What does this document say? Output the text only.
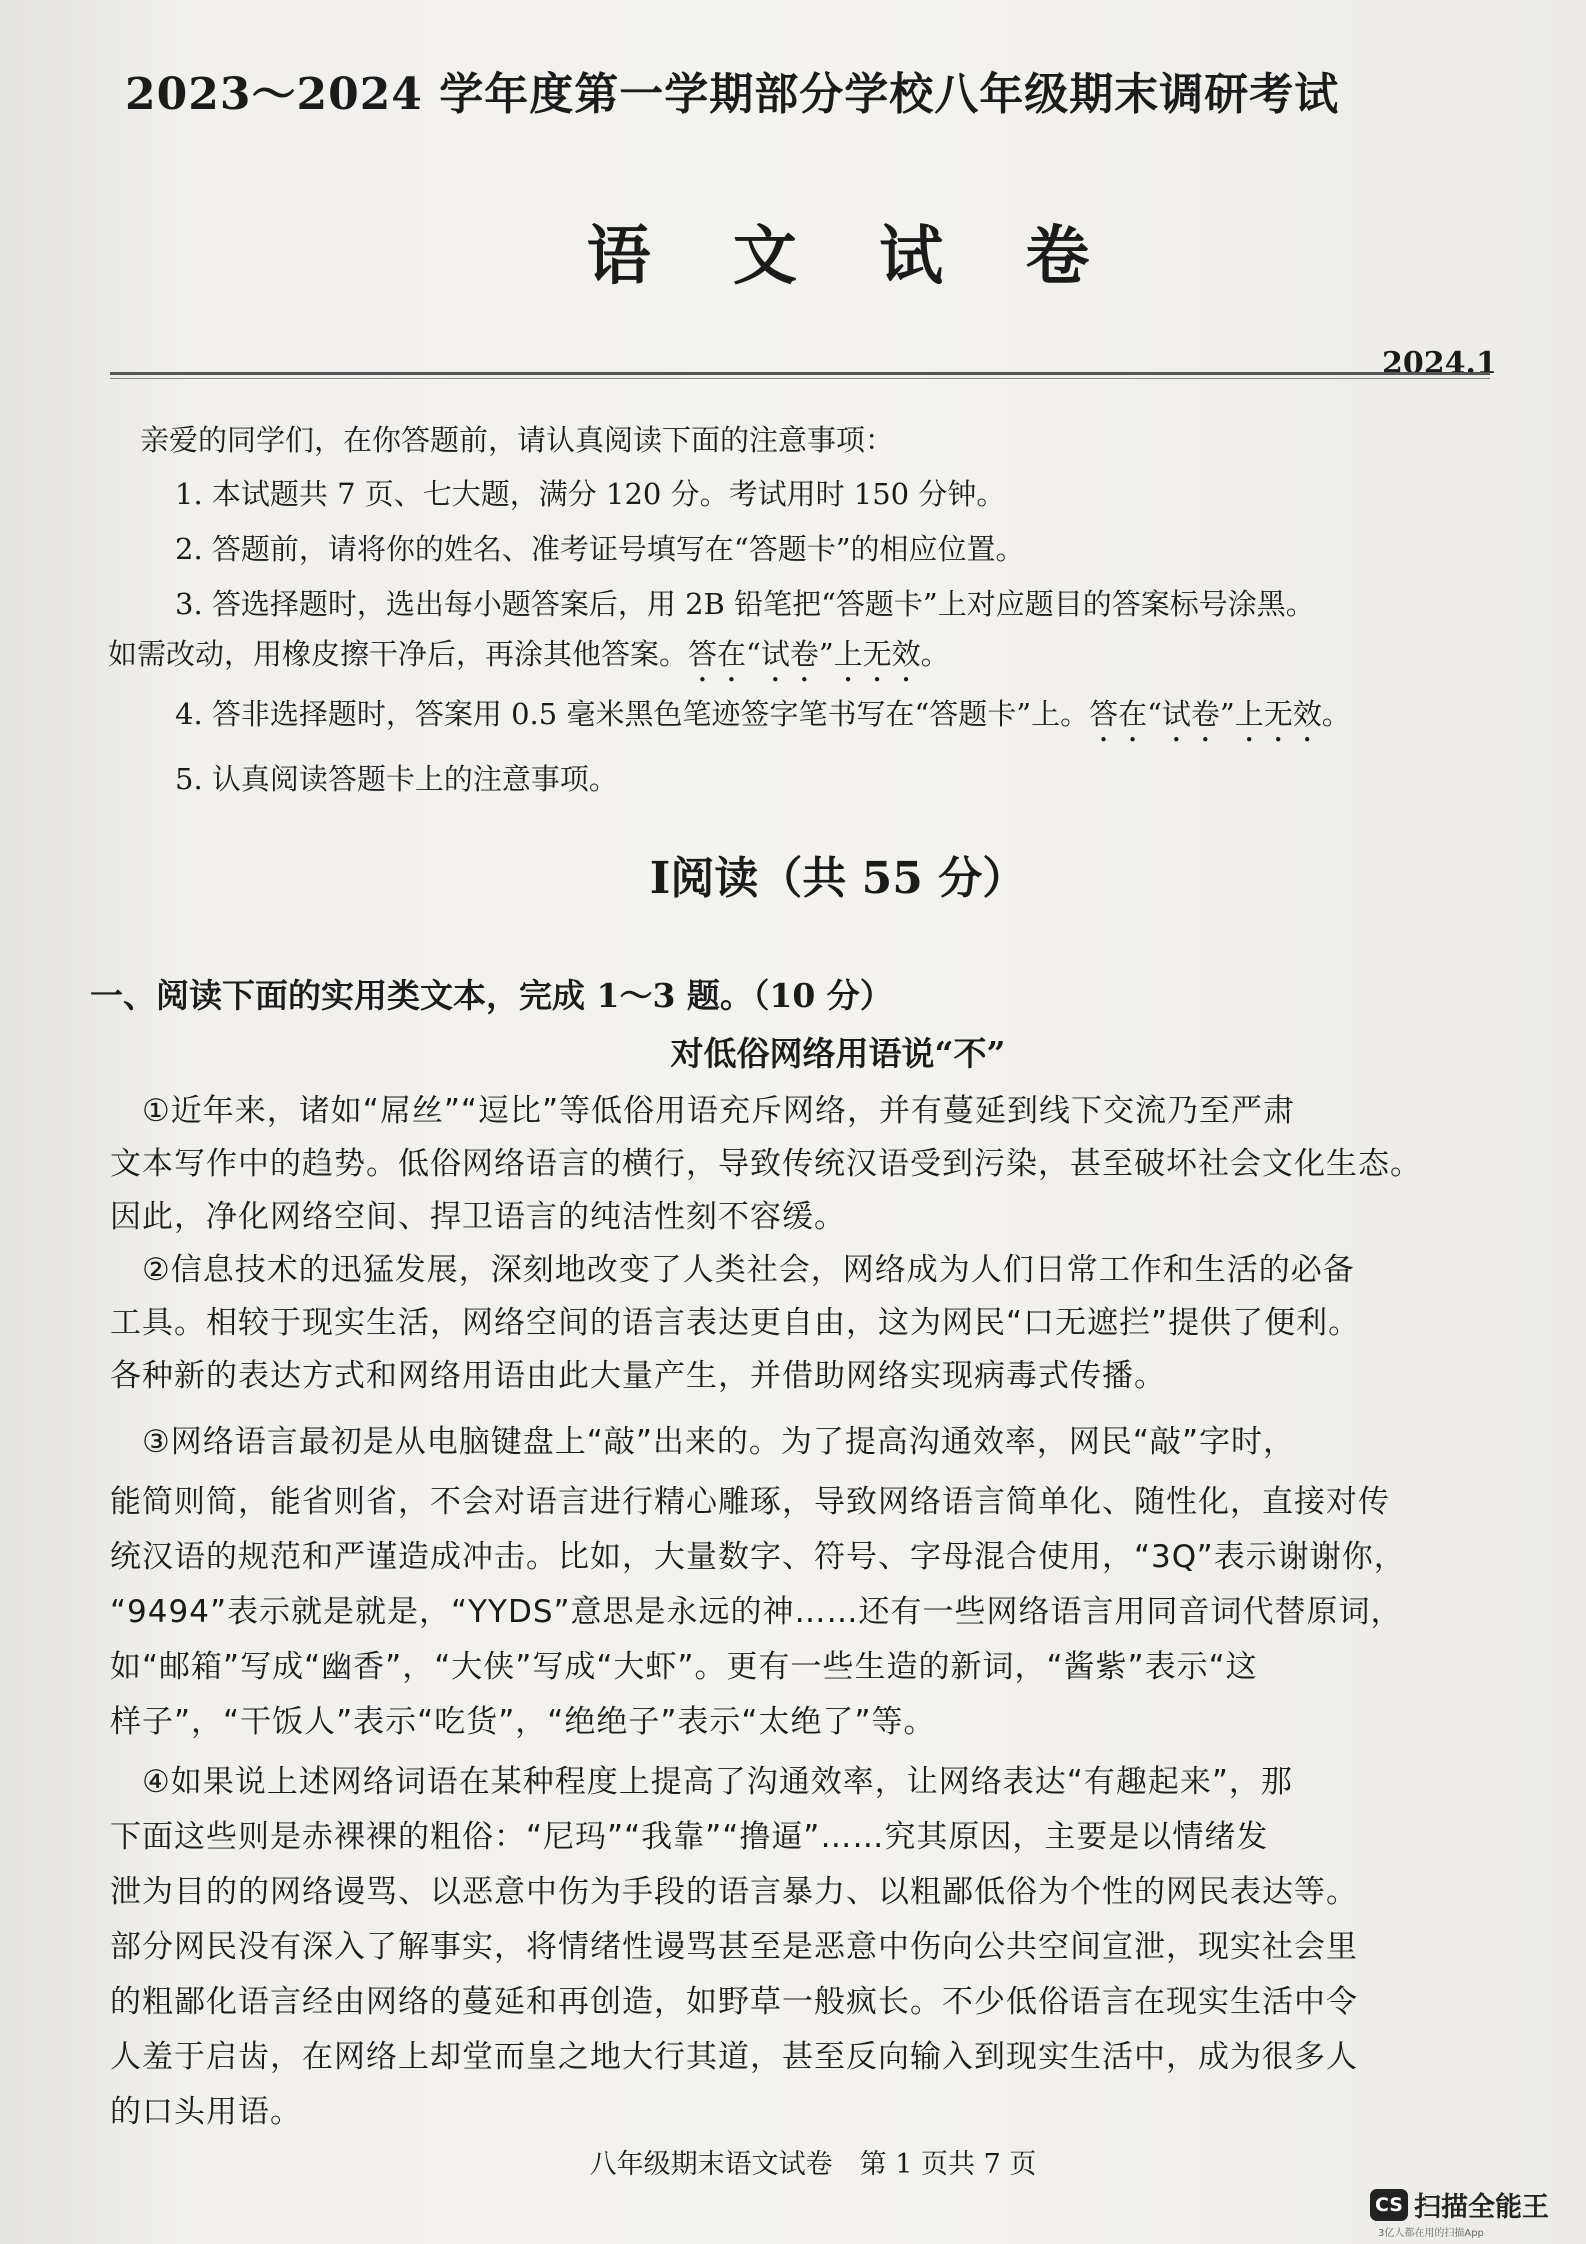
2023～2024 学年度第一学期部分学校八年级期末调研考试
语 文 试 卷
2024.1
亲爱的同学们，在你答题前，请认真阅读下面的注意事项：
1. 本试题共 7 页、七大题，满分 120 分。考试用时 150 分钟。
2. 答题前，请将你的姓名、准考证号填写在“答题卡”的相应位置。
3. 答选择题时，选出每小题答案后，用 2B 铅笔把“答题卡”上对应题目的答案标号涂黑。
如需改动，用橡皮擦干净后，再涂其他答案。答在“试卷”上无效。
4. 答非选择题时，答案用 0.5 毫米黑色笔迹签字笔书写在“答题卡”上。答在“试卷”上无效。
5. 认真阅读答题卡上的注意事项。
Ⅰ阅读（共 55 分）
一、阅读下面的实用类文本，完成 1～3 题。（10 分）
对低俗网络用语说“不”
　①近年来，诸如“屌丝”“逗比”等低俗用语充斥网络，并有蔓延到线下交流乃至严肃
文本写作中的趋势。低俗网络语言的横行，导致传统汉语受到污染，甚至破坏社会文化生态。
因此，净化网络空间、捍卫语言的纯洁性刻不容缓。
　②信息技术的迅猛发展，深刻地改变了人类社会，网络成为人们日常工作和生活的必备
工具。相较于现实生活，网络空间的语言表达更自由，这为网民“口无遮拦”提供了便利。
各种新的表达方式和网络用语由此大量产生，并借助网络实现病毒式传播。
　③网络语言最初是从电脑键盘上“敲”出来的。为了提高沟通效率，网民“敲”字时，
能简则简，能省则省，不会对语言进行精心雕琢，导致网络语言简单化、随性化，直接对传
统汉语的规范和严谨造成冲击。比如，大量数字、符号、字母混合使用，“3Q”表示谢谢你，
“9494”表示就是就是，“YYDS”意思是永远的神……还有一些网络语言用同音词代替原词，
如“邮箱”写成“幽香”，“大侠”写成“大虾”。更有一些生造的新词，“酱紫”表示“这
样子”，“干饭人”表示“吃货”，“绝绝子”表示“太绝了”等。
　④如果说上述网络词语在某种程度上提高了沟通效率，让网络表达“有趣起来”，那
下面这些则是赤裸裸的粗俗：“尼玛”“我靠”“撸逼”……究其原因，主要是以情绪发
泄为目的的网络谩骂、以恶意中伤为手段的语言暴力、以粗鄙低俗为个性的网民表达等。
部分网民没有深入了解事实，将情绪性谩骂甚至是恶意中伤向公共空间宣泄，现实社会里
的粗鄙化语言经由网络的蔓延和再创造，如野草一般疯长。不少低俗语言在现实生活中令
人羞于启齿，在网络上却堂而皇之地大行其道，甚至反向输入到现实生活中，成为很多人
的口头用语。
八年级期末语文试卷　第 1 页共 7 页
CS 扫描全能王
3亿人都在用的扫描App
